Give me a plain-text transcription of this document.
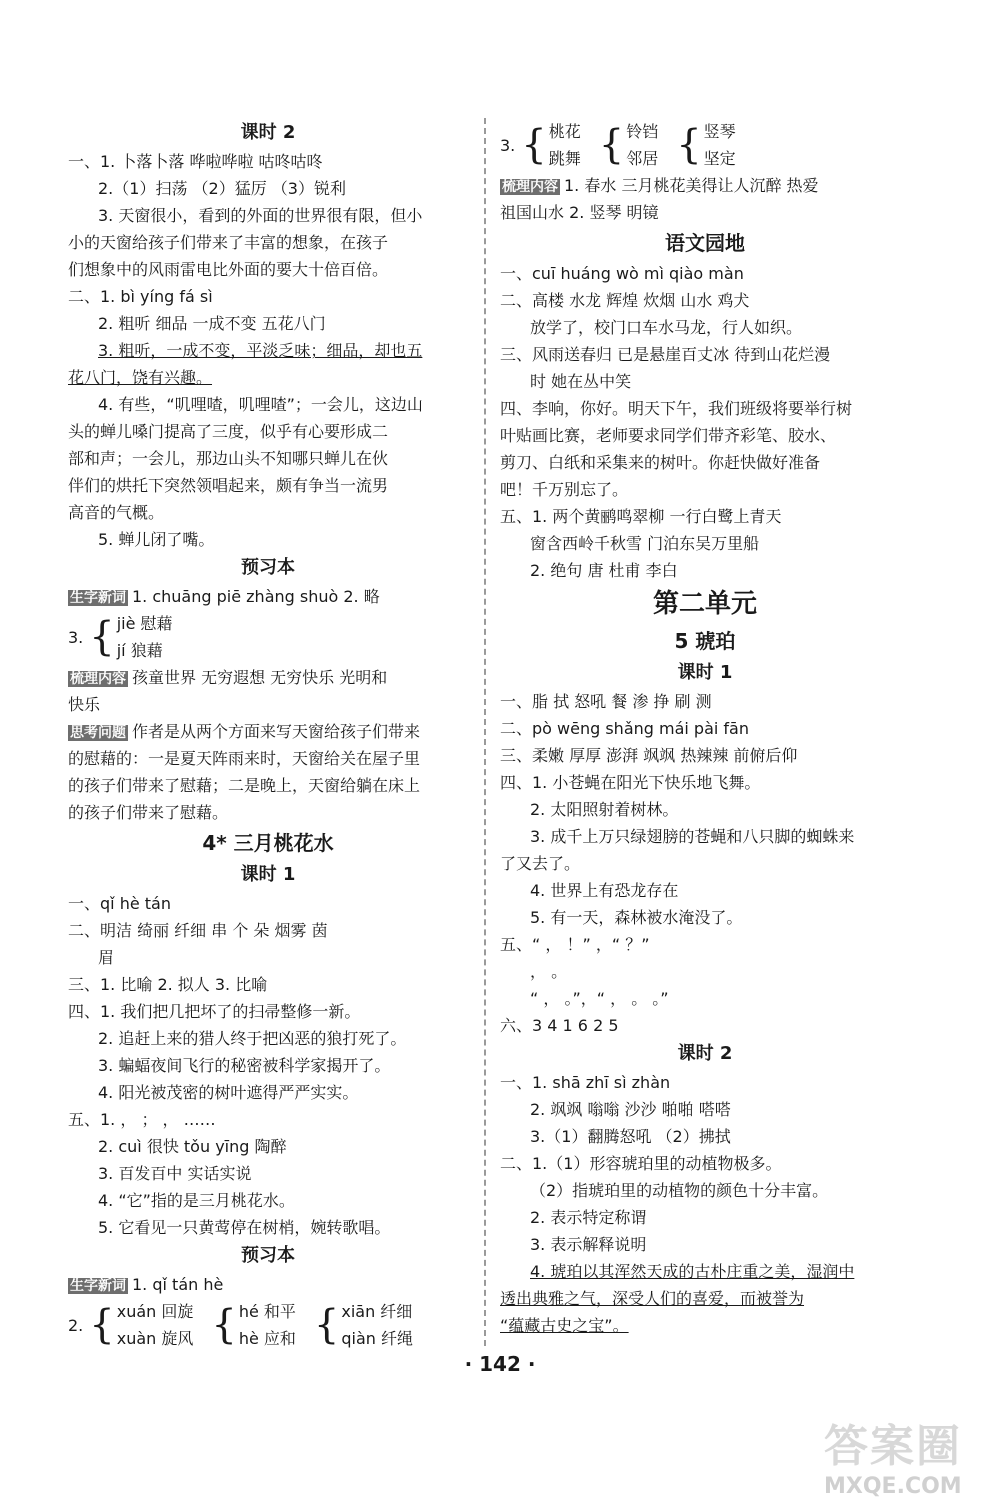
课时 2
一、1. 卜落卜落 哗啦哗啦 咕咚咕咚
2.（1）扫荡 （2）猛厉 （3）锐利
3. 天窗很小，看到的外面的世界很有限，但小
小的天窗给孩子们带来了丰富的想象，在孩子
们想象中的风雨雷电比外面的要大十倍百倍。
二、1. bì yíng fá sì
2. 粗听 细品 一成不变 五花八门
3. 粗听，一成不变，平淡乏味；细品，却也五
花八门，饶有兴趣。
4. 有些，“叽哩喳，叽哩喳”；一会儿，这边山
头的蝉儿嗓门提高了三度，似乎有心要形成二
部和声；一会儿，那边山头不知哪只蝉儿在伙
伴们的烘托下突然领唱起来，颇有争当一流男
高音的气概。
5. 蝉儿闭了嘴。
预习本
生字新词 1. chuāng piē zhàng shuò 2. 略
3. { jiè 慰藉
jí 狼藉
梳理内容 孩童世界 无穷遐想 无穷快乐 光明和
快乐
思考问题 作者是从两个方面来写天窗给孩子们带来
的慰藉的：一是夏天阵雨来时，天窗给关在屋子里
的孩子们带来了慰藉；二是晚上，天窗给躺在床上
的孩子们带来了慰藉。
4* 三月桃花水
课时 1
一、qǐ hè tán
二、明洁 绮丽 纤细 串 个 朵 烟雾 茵
眉
三、1. 比喻 2. 拟人 3. 比喻
四、1. 我们把几把坏了的扫帚整修一新。
2. 追赶上来的猎人终于把凶恶的狼打死了。
3. 蝙蝠夜间飞行的秘密被科学家揭开了。
4. 阳光被茂密的树叶遮得严严实实。
五、1. ， ； ， ……
2. cuì 很快 tǒu yīng 陶醉
3. 百发百中 实话实说
4. “它”指的是三月桃花水。
5. 它看见一只黄莺停在树梢，婉转歌唱。
预习本
生字新词 1. qǐ tán hè
2. { xuán 回旋
xuàn 旋风 { hé 和平
hè 应和 { xiān 纤细
qiàn 纤绳
3. { 桃花
跳舞 { 铃铛
邻居 { 竖琴
坚定
梳理内容 1. 春水 三月桃花美得让人沉醉 热爱
祖国山水 2. 竖琴 明镜
语文园地
一、cuī huáng wò mì qiào màn
二、高楼 水龙 辉煌 炊烟 山水 鸡犬
放学了，校门口车水马龙，行人如织。
三、风雨送春归 已是悬崖百丈冰 待到山花烂漫
时 她在丛中笑
四、李响，你好。明天下午，我们班级将要举行树
叶贴画比赛，老师要求同学们带齐彩笔、胶水、
剪刀、白纸和采集来的树叶。你赶快做好准备
吧！千万别忘了。
五、1. 两个黄鹂鸣翠柳 一行白鹭上青天
窗含西岭千秋雪 门泊东吴万里船
2. 绝句 唐 杜甫 李白
第二单元
5 琥珀
课时 1
一、脂 拭 怒吼 餐 渗 挣 刷 测
二、pò wēng shǎng mái pài fān
三、柔嫩 厚厚 澎湃 飒飒 热辣辣 前俯后仰
四、1. 小苍蝇在阳光下快乐地飞舞。
2. 太阳照射着树林。
3. 成千上万只绿翅膀的苍蝇和八只脚的蜘蛛来
了又去了。
4. 世界上有恐龙存在
5. 有一天，森林被水淹没了。
五、“ ， ！” ，“ ？”
， 。
“ ， 。”，“ ， 。 。”
六、3 4 1 6 2 5
课时 2
一、1. shā zhī sì zhàn
2. 飒飒 嗡嗡 沙沙 啪啪 嗒嗒
3.（1）翻腾怒吼 （2）拂拭
二、1.（1）形容琥珀里的动植物极多。
（2）指琥珀里的动植物的颜色十分丰富。
2. 表示特定称谓
3. 表示解释说明
4. 琥珀以其浑然天成的古朴庄重之美，湿润中
透出典雅之气，深受人们的喜爱，而被誉为
“蕴藏古史之宝”。
· 142 ·
答案圈
MXQE.COM
